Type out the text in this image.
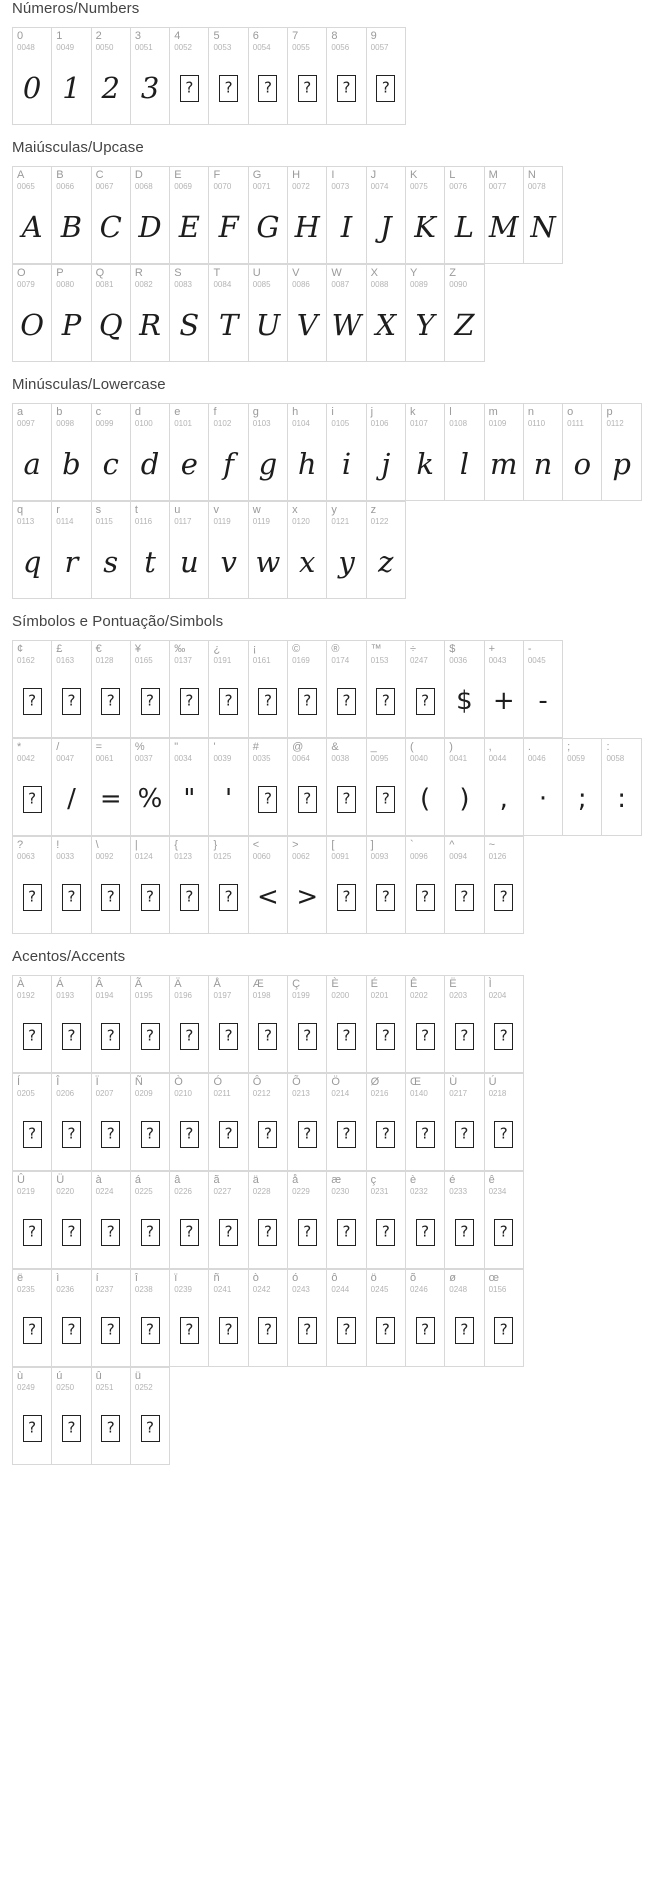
Números/Numbers
0
0048
0
1
0049
1
2
0050
2
3
0051
3
4
0052
?
5
0053
?
6
0054
?
7
0055
?
8
0056
?
9
0057
?
Maiúsculas/Upcase
A
0065
A
B
0066
B
C
0067
C
D
0068
D
E
0069
E
F
0070
F
G
0071
G
H
0072
H
I
0073
I
J
0074
J
K
0075
K
L
0076
L
M
0077
M
N
0078
N
O
0079
O
P
0080
P
Q
0081
Q
R
0082
R
S
0083
S
T
0084
T
U
0085
U
V
0086
V
W
0087
W
X
0088
X
Y
0089
Y
Z
0090
Z
Minúsculas/Lowercase
a
0097
a
b
0098
b
c
0099
c
d
0100
d
e
0101
e
f
0102
f
g
0103
g
h
0104
h
i
0105
i
j
0106
j
k
0107
k
l
0108
l
m
0109
m
n
0110
n
o
0111
o
p
0112
p
q
0113
q
r
0114
r
s
0115
s
t
0116
t
u
0117
u
v
0119
v
w
0119
w
x
0120
x
y
0121
y
z
0122
z
Símbolos e Pontuação/Simbols
¢
0162
?
£
0163
?
€
0128
?
¥
0165
?
‰
0137
?
¿
0191
?
¡
0161
?
©
0169
?
®
0174
?
™
0153
?
÷
0247
?
$
0036
$
+
0043
+
-
0045
-
*
0042
?
/
0047
/
=
0061
=
%
0037
%
"
0034
"
'
0039
'
#
0035
?
@
0064
?
&
0038
?
_
0095
?
(
0040
(
)
0041
)
,
0044
,
.
0046
·
;
0059
;
:
0058
:
?
0063
?
!
0033
?
\
0092
?
|
0124
?
{
0123
?
}
0125
?
<
0060
<
>
0062
>
[
0091
?
]
0093
?
`
0096
?
^
0094
?
~
0126
?
Acentos/Accents
À
0192
?
Á
0193
?
Â
0194
?
Ã
0195
?
Ä
0196
?
Å
0197
?
Æ
0198
?
Ç
0199
?
È
0200
?
É
0201
?
Ê
0202
?
Ë
0203
?
Ì
0204
?
Í
0205
?
Î
0206
?
Ï
0207
?
Ñ
0209
?
Ò
0210
?
Ó
0211
?
Ô
0212
?
Õ
0213
?
Ö
0214
?
Ø
0216
?
Œ
0140
?
Ù
0217
?
Ú
0218
?
Û
0219
?
Ü
0220
?
à
0224
?
á
0225
?
â
0226
?
ã
0227
?
ä
0228
?
å
0229
?
æ
0230
?
ç
0231
?
è
0232
?
é
0233
?
ê
0234
?
ë
0235
?
ì
0236
?
í
0237
?
î
0238
?
ï
0239
?
ñ
0241
?
ò
0242
?
ó
0243
?
ô
0244
?
ö
0245
?
õ
0246
?
ø
0248
?
œ
0156
?
ù
0249
?
ú
0250
?
û
0251
?
ü
0252
?
